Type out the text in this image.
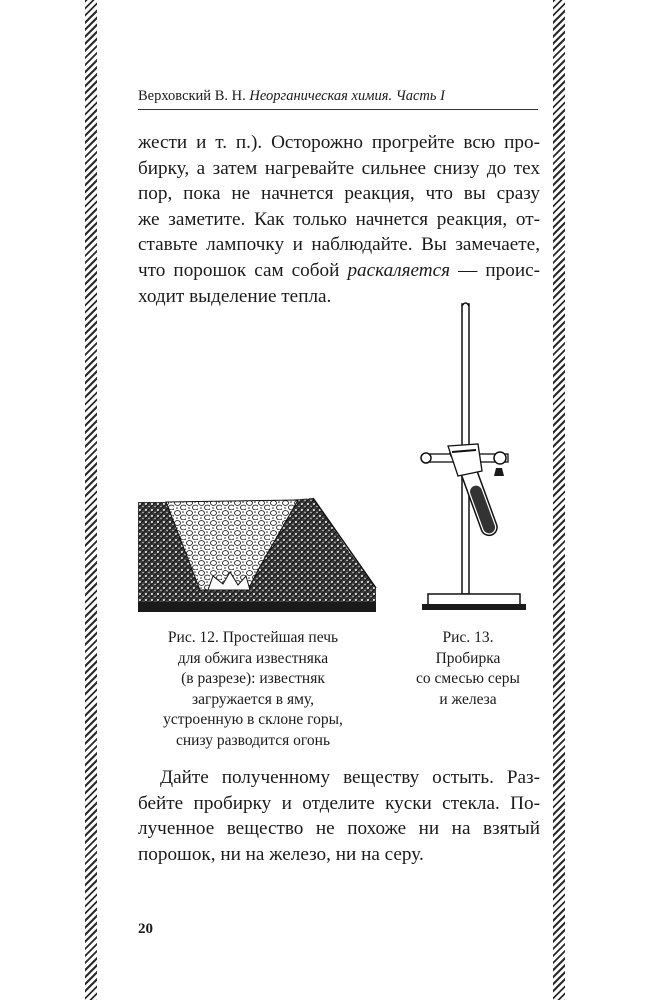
Верховский В. Н. Неорганическая химия. Часть I
жести и т. п.). Осторожно прогрейте всю про-
бирку, а затем нагревайте сильнее снизу до тех
пор, пока не начнется реакция, что вы сразу
же заметите. Как только начнется реакция, от-
ставьте лампочку и наблюдайте. Вы замечаете,
что порошок сам собой раскаляется — проис-
ходит выделение тепла.
Рис. 12. Простейшая печь
для обжига известняка
(в разрезе): известняк
загружается в яму,
устроенную в склоне горы,
снизу разводится огонь
Рис. 13.
Пробирка
со смесью серы
и железа
Дайте полученному веществу остыть. Раз-
бейте пробирку и отделите куски стекла. По-
лученное вещество не похоже ни на взятый
порошок, ни на железо, ни на серу.
20
